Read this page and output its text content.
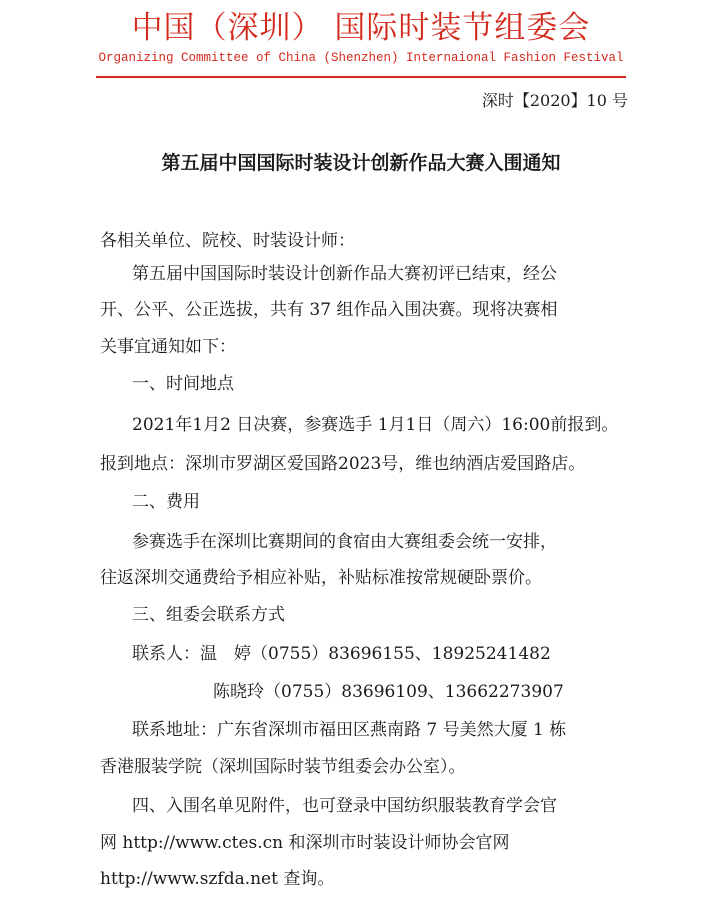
中国（深圳） 国际时装节组委会
Organizing Committee of China (Shenzhen) Internaional Fashion Festival
深时【2020】10 号
第五届中国国际时装设计创新作品大赛入围通知
各相关单位、院校、时装设计师：
第五届中国国际时装设计创新作品大赛初评已结束，经公
开、公平、公正选拔，共有 37 组作品入围决赛。现将决赛相
关事宜通知如下：
一、时间地点
2021年1月2 日决赛，参赛选手 1月1日（周六）16:00前报到。
报到地点：深圳市罗湖区爱国路2023号，维也纳酒店爱国路店。
二、费用
参赛选手在深圳比赛期间的食宿由大赛组委会统一安排，
往返深圳交通费给予相应补贴，补贴标准按常规硬卧票价。
三、组委会联系方式
联系人：温　婷（0755）83696155、18925241482
陈晓玲（0755）83696109、13662273907
联系地址：广东省深圳市福田区燕南路 7 号美然大厦 1 栋
香港服装学院（深圳国际时装节组委会办公室）。
四、入围名单见附件，也可登录中国纺织服装教育学会官
网 http://www.ctes.cn 和深圳市时装设计师协会官网
http://www.szfda.net 查询。
